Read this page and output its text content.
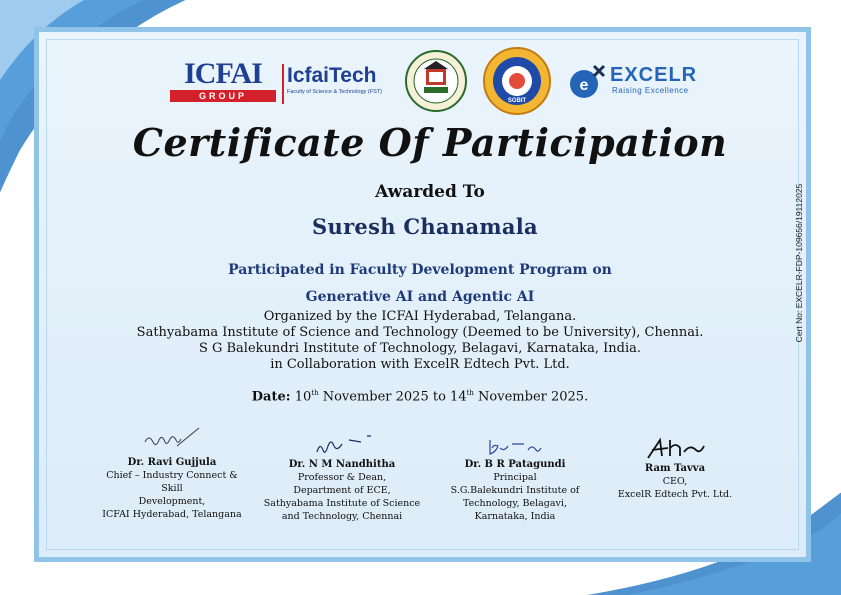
ICFAI
GROUP
IcfaiTech
Faculty of Science & Technology (FST)
SGBIT
e EXCELR
Raising Excellence
Certificate Of Participation
Awarded To
Suresh Chanamala
Participated in Faculty Development Program on
Generative AI and Agentic AI
Organized by the ICFAI Hyderabad, Telangana.
Sathyabama Institute of Science and Technology (Deemed to be University), Chennai.
S G Balekundri Institute of Technology, Belagavi, Karnataka, India.
in Collaboration with ExcelR Edtech Pvt. Ltd.
Date: 10th November 2025 to 14th November 2025.
Cert No: EXCELR-FDP-109656/19112025
Dr. Ravi Gujjula
Chief – Industry Connect & Skill
Development,
ICFAI Hyderabad, Telangana
Dr. N M Nandhitha
Professor & Dean,
Department of ECE,
Sathyabama Institute of Science
and Technology, Chennai
Dr. B R Patagundi
Principal
S.G.Balekundri Institute of
Technology, Belagavi,
Karnataka, India
Ram Tavva
CEO,
ExcelR Edtech Pvt. Ltd.
